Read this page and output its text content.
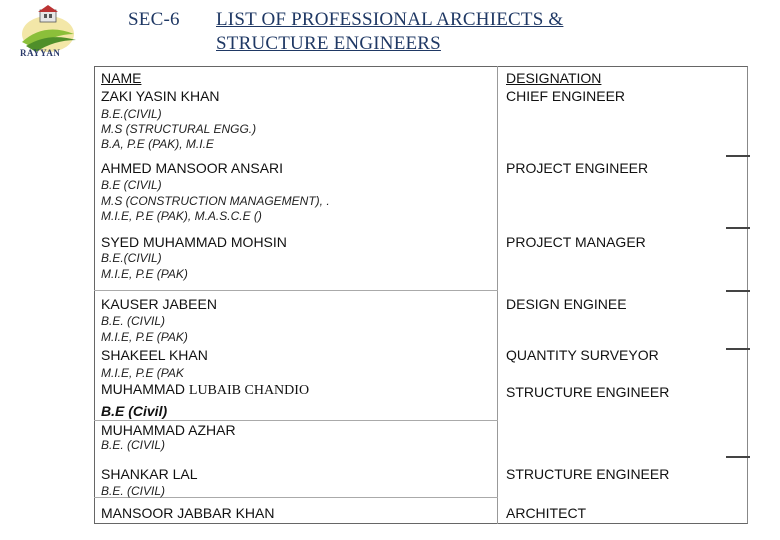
RAYYAN
SEC-6 LIST OF PROFESSIONAL ARCHIECTS &
STRUCTURE ENGINEERS
NAME	DESIGNATION
ZAKI YASIN KHAN	CHIEF ENGINEER
B.E.(CIVIL)
M.S (STRUCTURAL ENGG.)
B.A, P.E (PAK), M.I.E
AHMED MANSOOR ANSARI	PROJECT ENGINEER
B.E (CIVIL)
M.S (CONSTRUCTION MANAGEMENT), .
M.I.E, P.E (PAK), M.A.S.C.E ()
SYED MUHAMMAD MOHSIN	PROJECT MANAGER
B.E.(CIVIL)
M.I.E, P.E (PAK)
KAUSER JABEEN	DESIGN ENGINEE
B.E. (CIVIL)
M.I.E, P.E (PAK)
SHAKEEL KHAN	QUANTITY SURVEYOR
M.I.E, P.E (PAK
MUHAMMAD LUBAIB CHANDIO	STRUCTURE ENGINEER
B.E (Civil)
MUHAMMAD AZHAR
B.E. (CIVIL)
SHANKAR LAL	STRUCTURE ENGINEER
B.E. (CIVIL)
MANSOOR JABBAR KHAN	ARCHITECT
